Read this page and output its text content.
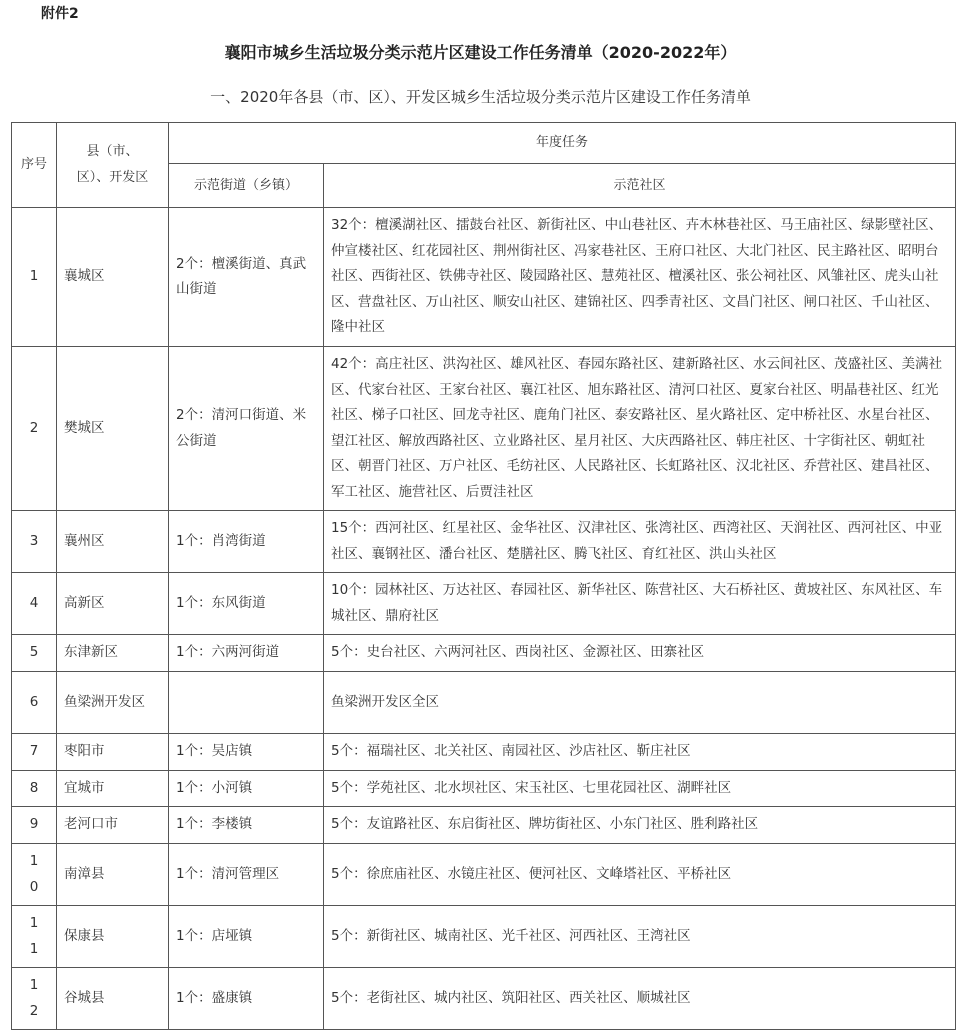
附件2
襄阳市城乡生活垃圾分类示范片区建设工作任务清单（2020-2022年）
一、2020年各县（市、区）、开发区城乡生活垃圾分类示范片区建设工作任务清单
序号	县（市、区）、开发区	年度任务	
		示范街道（乡镇）	示范社区
1	襄城区	2个：檀溪街道、真武山街道	32个：檀溪湖社区、擂鼓台社区、新街社区、中山巷社区、卉木林巷社区、马王庙社区、绿影壁社区、仲宣楼社区、红花园社区、荆州街社区、冯家巷社区、王府口社区、大北门社区、民主路社区、昭明台社区、西街社区、铁佛寺社区、陵园路社区、慧苑社区、檀溪社区、张公祠社区、风雏社区、虎头山社区、营盘社区、万山社区、顺安山社区、建锦社区、四季青社区、文昌门社区、闸口社区、千山社区、隆中社区
2	樊城区	2个：清河口街道、米公街道	42个：高庄社区、洪沟社区、雄风社区、春园东路社区、建新路社区、水云间社区、茂盛社区、美满社区、代家台社区、王家台社区、襄江社区、旭东路社区、清河口社区、夏家台社区、明晶巷社区、红光社区、梯子口社区、回龙寺社区、鹿角门社区、泰安路社区、星火路社区、定中桥社区、水星台社区、望江社区、解放西路社区、立业路社区、星月社区、大庆西路社区、韩庄社区、十字街社区、朝虹社区、朝晋门社区、万户社区、毛纺社区、人民路社区、长虹路社区、汉北社区、乔营社区、建昌社区、军工社区、施营社区、后贾洼社区
3	襄州区	1个：肖湾街道	15个：西河社区、红星社区、金华社区、汉津社区、张湾社区、西湾社区、天润社区、西河社区、中亚社区、襄钢社区、潘台社区、楚膳社区、腾飞社区、育红社区、洪山头社区
4	高新区	1个：东风街道	10个：园林社区、万达社区、春园社区、新华社区、陈营社区、大石桥社区、黄坡社区、东风社区、车城社区、鼎府社区
5	东津新区	1个：六两河街道	5个：史台社区、六两河社区、西岗社区、金源社区、田寨社区
6	鱼梁洲开发区		鱼梁洲开发区全区
7	枣阳市	1个：吴店镇	5个：福瑞社区、北关社区、南园社区、沙店社区、靳庄社区
8	宜城市	1个：小河镇	5个：学苑社区、北水坝社区、宋玉社区、七里花园社区、湖畔社区
9	老河口市	1个：李楼镇	5个：友谊路社区、东启街社区、牌坊街社区、小东门社区、胜利路社区
10	南漳县	1个：清河管理区	5个：徐庶庙社区、水镜庄社区、便河社区、文峰塔社区、平桥社区
11	保康县	1个：店垭镇	5个：新街社区、城南社区、光千社区、河西社区、王湾社区
12	谷城县	1个：盛康镇	5个：老街社区、城内社区、筑阳社区、西关社区、顺城社区
